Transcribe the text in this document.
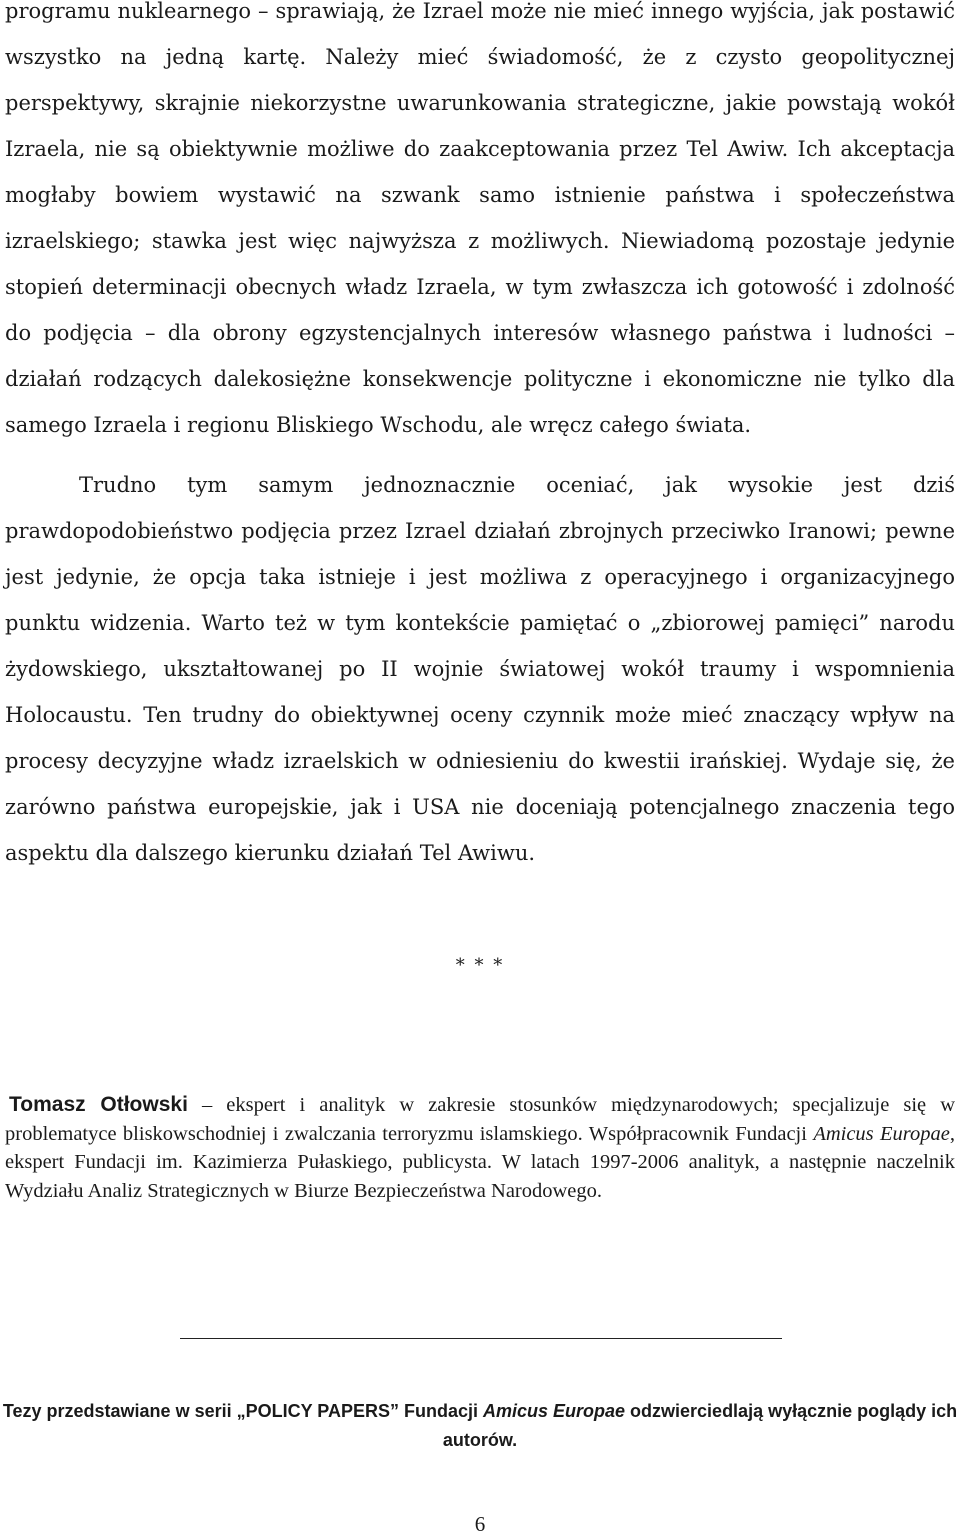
programu nuklearnego – sprawiają, że Izrael może nie mieć innego wyjścia, jak postawić wszystko na jedną kartę. Należy mieć świadomość, że z czysto geopolitycznej perspektywy, skrajnie niekorzystne uwarunkowania strategiczne, jakie powstają wokół Izraela, nie są obiektywnie możliwe do zaakceptowania przez Tel Awiw. Ich akceptacja mogłaby bowiem wystawić na szwank samo istnienie państwa i społeczeństwa izraelskiego; stawka jest więc najwyższa z możliwych. Niewiadomą pozostaje jedynie stopień determinacji obecnych władz Izraela, w tym zwłaszcza ich gotowość i zdolność do podjęcia – dla obrony egzystencjalnych interesów własnego państwa i ludności – działań rodzących dalekosiężne konsekwencje polityczne i ekonomiczne nie tylko dla samego Izraela i regionu Bliskiego Wschodu, ale wręcz całego świata.

Trudno tym samym jednoznacznie oceniać, jak wysokie jest dziś prawdopodobieństwo podjęcia przez Izrael działań zbrojnych przeciwko Iranowi; pewne jest jedynie, że opcja taka istnieje i jest możliwa z operacyjnego i organizacyjnego punktu widzenia. Warto też w tym kontekście pamiętać o „zbiorowej pamięci” narodu żydowskiego, ukształtowanej po II wojnie światowej wokół traumy i wspomnienia Holocaustu. Ten trudny do obiektywnej oceny czynnik może mieć znaczący wpływ na procesy decyzyjne władz izraelskich w odniesieniu do kwestii irańskiej. Wydaje się, że zarówno państwa europejskie, jak i USA nie doceniają potencjalnego znaczenia tego aspektu dla dalszego kierunku działań Tel Awiwu.

* * *

Tomasz Otłowski – ekspert i analityk w zakresie stosunków międzynarodowych; specjalizuje się w problematyce bliskowschodniej i zwalczania terroryzmu islamskiego. Współpracownik Fundacji Amicus Europae, ekspert Fundacji im. Kazimierza Pułaskiego, publicysta. W latach 1997-2006 analityk, a następnie naczelnik Wydziału Analiz Strategicznych w Biurze Bezpieczeństwa Narodowego.

Tezy przedstawiane w serii „POLICY PAPERS” Fundacji Amicus Europae odzwierciedlają wyłącznie poglądy ich autorów.

6
